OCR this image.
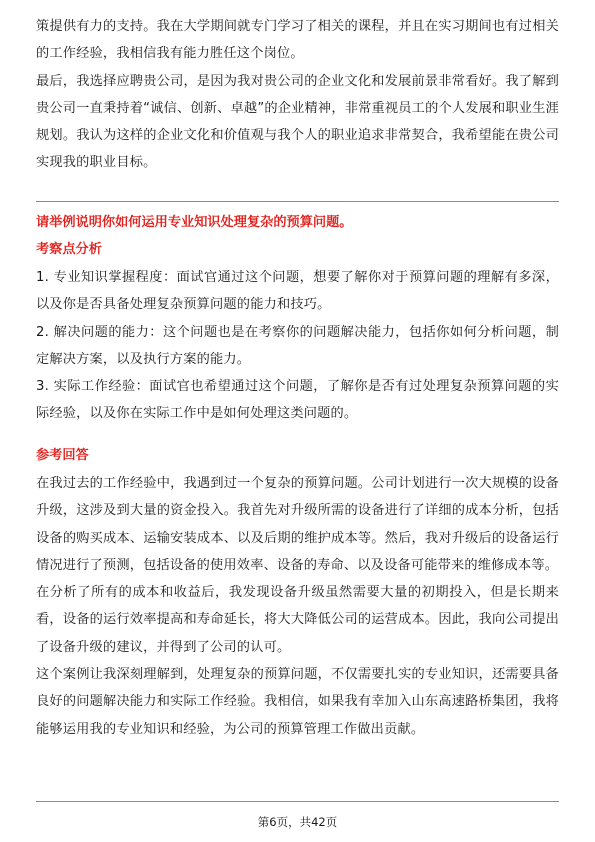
策提供有力的支持。我在大学期间就专门学习了相关的课程，并且在实习期间也有过相关的工作经验，我相信我有能力胜任这个岗位。

最后，我选择应聘贵公司，是因为我对贵公司的企业文化和发展前景非常看好。我了解到贵公司一直秉持着“诚信、创新、卓越”的企业精神，非常重视员工的个人发展和职业生涯规划。我认为这样的企业文化和价值观与我个人的职业追求非常契合，我希望能在贵公司实现我的职业目标。

请举例说明你如何运用专业知识处理复杂的预算问题。

考察点分析

1. 专业知识掌握程度：面试官通过这个问题，想要了解你对于预算问题的理解有多深，以及你是否具备处理复杂预算问题的能力和技巧。

2. 解决问题的能力：这个问题也是在考察你的问题解决能力，包括你如何分析问题，制定解决方案，以及执行方案的能力。

3. 实际工作经验：面试官也希望通过这个问题，了解你是否有过处理复杂预算问题的实际经验，以及你在实际工作中是如何处理这类问题的。

参考回答

在我过去的工作经验中，我遇到过一个复杂的预算问题。公司计划进行一次大规模的设备升级，这涉及到大量的资金投入。我首先对升级所需的设备进行了详细的成本分析，包括设备的购买成本、运输安装成本、以及后期的维护成本等。然后，我对升级后的设备运行情况进行了预测，包括设备的使用效率、设备的寿命、以及设备可能带来的维修成本等。

在分析了所有的成本和收益后，我发现设备升级虽然需要大量的初期投入，但是长期来看，设备的运行效率提高和寿命延长，将大大降低公司的运营成本。因此，我向公司提出了设备升级的建议，并得到了公司的认可。

这个案例让我深刻理解到，处理复杂的预算问题，不仅需要扎实的专业知识，还需要具备良好的问题解决能力和实际工作经验。我相信，如果我有幸加入山东高速路桥集团，我将能够运用我的专业知识和经验，为公司的预算管理工作做出贡献。

第6页，共42页
